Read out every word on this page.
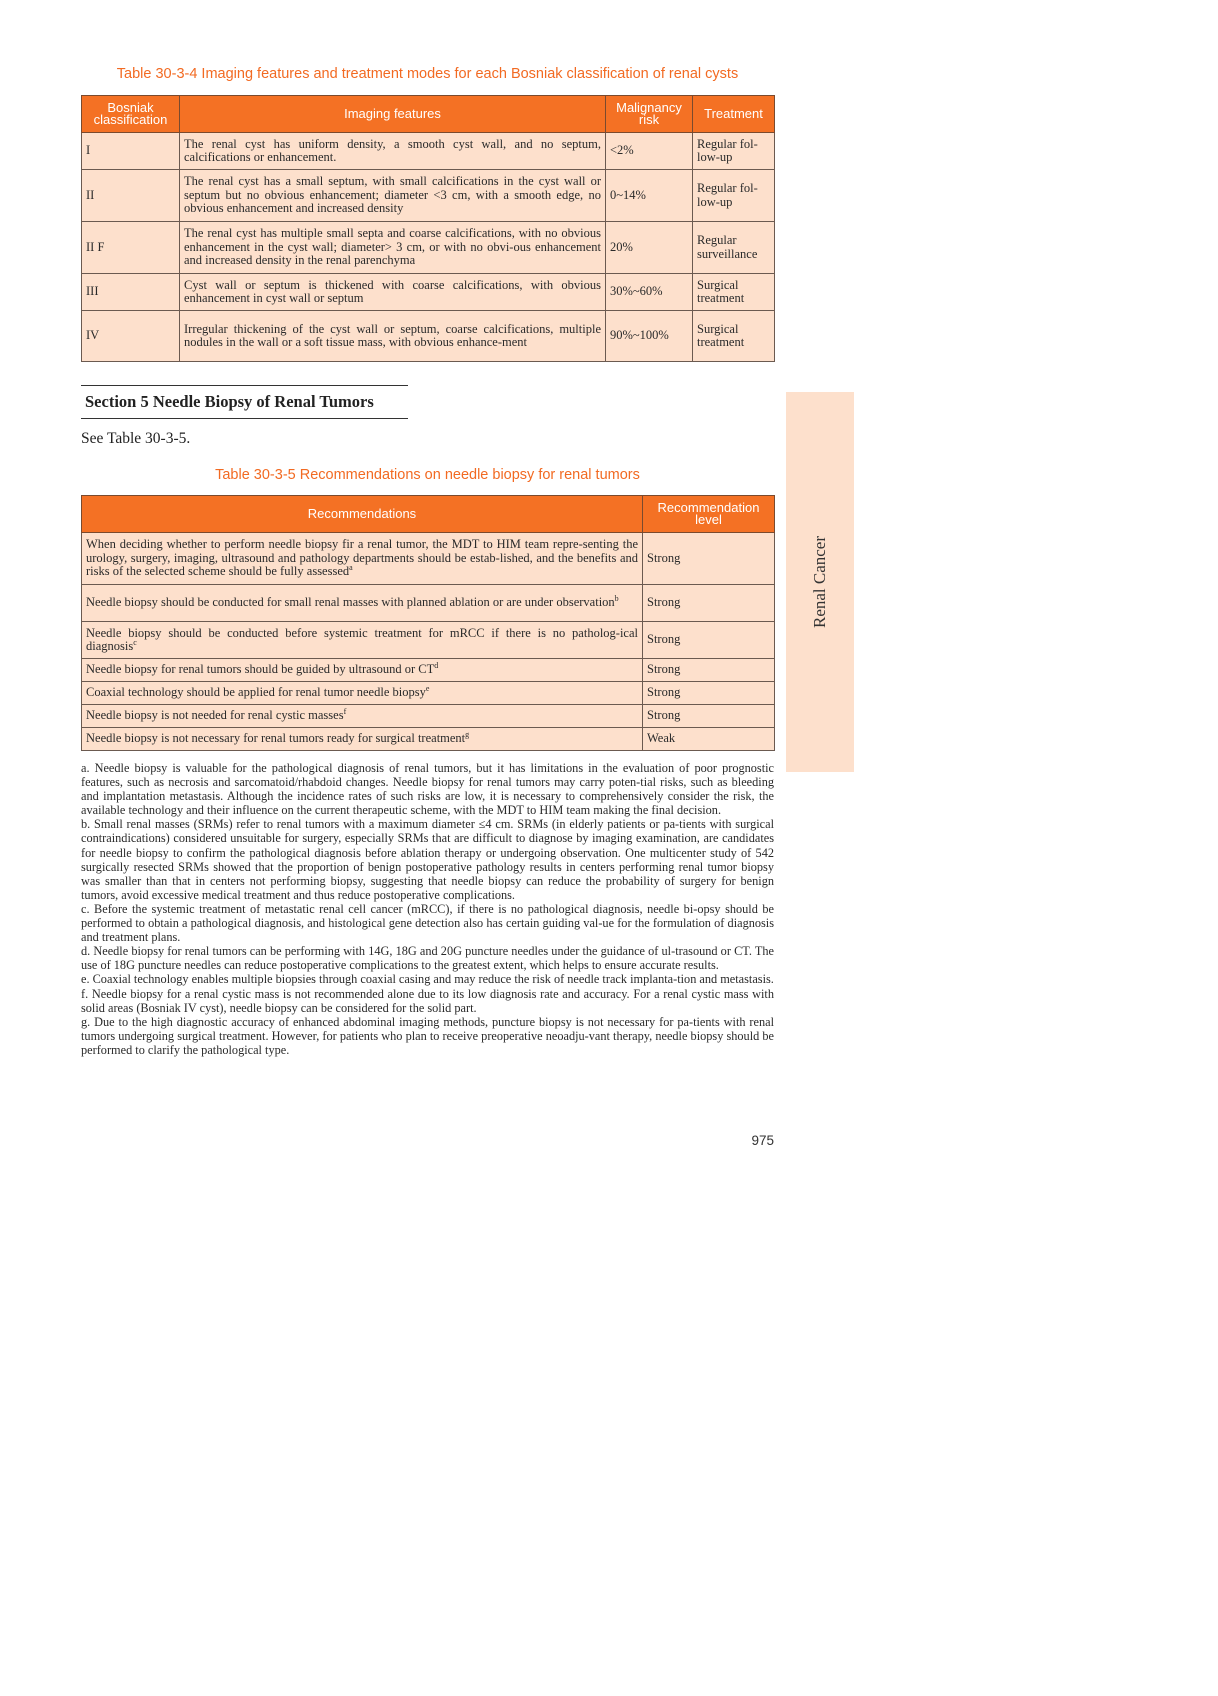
Table 30-3-4 Imaging features and treatment modes for each Bosniak classification of renal cysts
Bosniak classification	Imaging features	Malignancy risk	Treatment
I	The renal cyst has uniform density, a smooth cyst wall, and no septum, calcifications or enhancement.	<2%	Regular fol-low-up
II	The renal cyst has a small septum, with small calcifications in the cyst wall or septum but no obvious enhancement; diameter <3 cm, with a smooth edge, no obvious enhancement and increased density	0~14%	Regular fol-low-up
II F	The renal cyst has multiple small septa and coarse calcifications, with no obvious enhancement in the cyst wall; diameter> 3 cm, or with no obvi-ous enhancement and increased density in the renal parenchyma	20%	Regular surveillance
III	Cyst wall or septum is thickened with coarse calcifications, with obvious enhancement in cyst wall or septum	30%~60%	Surgical treatment
IV	Irregular thickening of the cyst wall or septum, coarse calcifications, multiple nodules in the wall or a soft tissue mass, with obvious enhance-ment	90%~100%	Surgical treatment
Section 5 Needle Biopsy of Renal Tumors
See Table 30-3-5.
Table 30-3-5 Recommendations on needle biopsy for renal tumors
Recommendations	Recommendation level
When deciding whether to perform needle biopsy fir a renal tumor, the MDT to HIM team repre-senting the urology, surgery, imaging, ultrasound and pathology departments should be estab-lished, and the benefits and risks of the selected scheme should be fully assessed$^a$	Strong
Needle biopsy should be conducted for small renal masses with planned ablation or are under observation$^b$	Strong
Needle biopsy should be conducted before systemic treatment for mRCC if there is no patholog-ical diagnosis$^c$	Strong
Needle biopsy for renal tumors should be guided by ultrasound or $CT^d$	Strong
Coaxial technology should be applied for renal tumor needle biopsy$^e$	Strong
Needle biopsy is not needed for renal cystic masses$^f$	Strong
Needle biopsy is not necessary for renal tumors ready for surgical treatment$^g$	Weak

a. Needle biopsy is valuable for the pathological diagnosis of renal tumors, but it has limitations in the evaluation of poor prognostic features, such as necrosis and sarcomatoid/rhabdoid changes. Needle biopsy for renal tumors may carry poten-tial risks, such as bleeding and implantation metastasis. Although the incidence rates of such risks are low, it is necessary to comprehensively consider the risk, the available technology and their influence on the current therapeutic scheme, with the MDT to HIM team making the final decision.

b. Small renal masses (SRMs) refer to renal tumors with a maximum diameter ≤4 cm. SRMs (in elderly patients or pa-tients with surgical contraindications) considered unsuitable for surgery, especially SRMs that are difficult to diagnose by imaging examination, are candidates for needle biopsy to confirm the pathological diagnosis before ablation therapy or undergoing observation. One multicenter study of 542 surgically resected SRMs showed that the proportion of benign postoperative pathology results in centers performing renal tumor biopsy was smaller than that in centers not performing biopsy, suggesting that needle biopsy can reduce the probability of surgery for benign tumors, avoid excessive medical treatment and thus reduce postoperative complications.

c. Before the systemic treatment of metastatic renal cell cancer (mRCC), if there is no pathological diagnosis, needle bi-opsy should be performed to obtain a pathological diagnosis, and histological gene detection also has certain guiding val-ue for the formulation of diagnosis and treatment plans.

d. Needle biopsy for renal tumors can be performing with 14G, 18G and 20G puncture needles under the guidance of ul-trasound or CT. The use of 18G puncture needles can reduce postoperative complications to the greatest extent, which helps to ensure accurate results.

e. Coaxial technology enables multiple biopsies through coaxial casing and may reduce the risk of needle track implanta-tion and metastasis.

f. Needle biopsy for a renal cystic mass is not recommended alone due to its low diagnosis rate and accuracy. For a renal cystic mass with solid areas (Bosniak IV cyst), needle biopsy can be considered for the solid part.

g. Due to the high diagnostic accuracy of enhanced abdominal imaging methods, puncture biopsy is not necessary for pa-tients with renal tumors undergoing surgical treatment. However, for patients who plan to receive preoperative neoadju-vant therapy, needle biopsy should be performed to clarify the pathological type.

975
Renal Cancer
